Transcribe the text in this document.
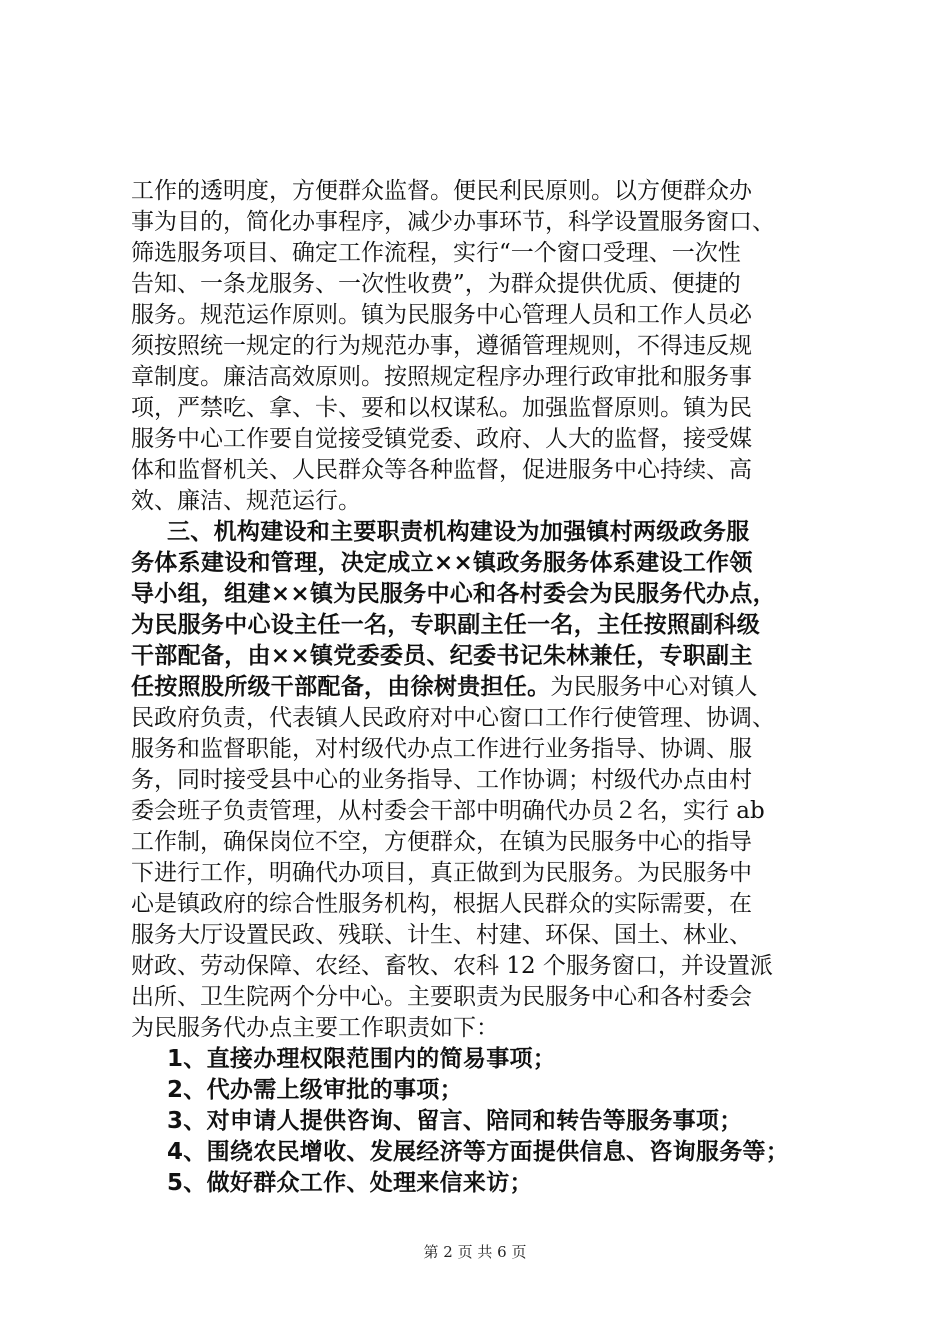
工作的透明度，方便群众监督。便民利民原则。以方便群众办
事为目的，简化办事程序，减少办事环节，科学设置服务窗口、
筛选服务项目、确定工作流程，实行“一个窗口受理、一次性
告知、一条龙服务、一次性收费”，为群众提供优质、便捷的
服务。规范运作原则。镇为民服务中心管理人员和工作人员必
须按照统一规定的行为规范办事，遵循管理规则，不得违反规
章制度。廉洁高效原则。按照规定程序办理行政审批和服务事
项，严禁吃、拿、卡、要和以权谋私。加强监督原则。镇为民
服务中心工作要自觉接受镇党委、政府、人大的监督，接受媒
体和监督机关、人民群众等各种监督，促进服务中心持续、高
效、廉洁、规范运行。
三、机构建设和主要职责机构建设为加强镇村两级政务服
务体系建设和管理，决定成立××镇政务服务体系建设工作领
导小组，组建××镇为民服务中心和各村委会为民服务代办点，
为民服务中心设主任一名，专职副主任一名，主任按照副科级
干部配备，由××镇党委委员、纪委书记朱林兼任，专职副主
任按照股所级干部配备，由徐树贵担任。为民服务中心对镇人
民政府负责，代表镇人民政府对中心窗口工作行使管理、协调、
服务和监督职能，对村级代办点工作进行业务指导、协调、服
务，同时接受县中心的业务指导、工作协调；村级代办点由村
委会班子负责管理，从村委会干部中明确代办员２名，实行 ab
工作制，确保岗位不空，方便群众，在镇为民服务中心的指导
下进行工作，明确代办项目，真正做到为民服务。为民服务中
心是镇政府的综合性服务机构，根据人民群众的实际需要，在
服务大厅设置民政、残联、计生、村建、环保、国土、林业、
财政、劳动保障、农经、畜牧、农科 12 个服务窗口，并设置派
出所、卫生院两个分中心。主要职责为民服务中心和各村委会
为民服务代办点主要工作职责如下：
1、直接办理权限范围内的简易事项；
2、代办需上级审批的事项；
3、对申请人提供咨询、留言、陪同和转告等服务事项；
4、围绕农民增收、发展经济等方面提供信息、咨询服务等；
5、做好群众工作、处理来信来访；
第 2 页 共 6 页
